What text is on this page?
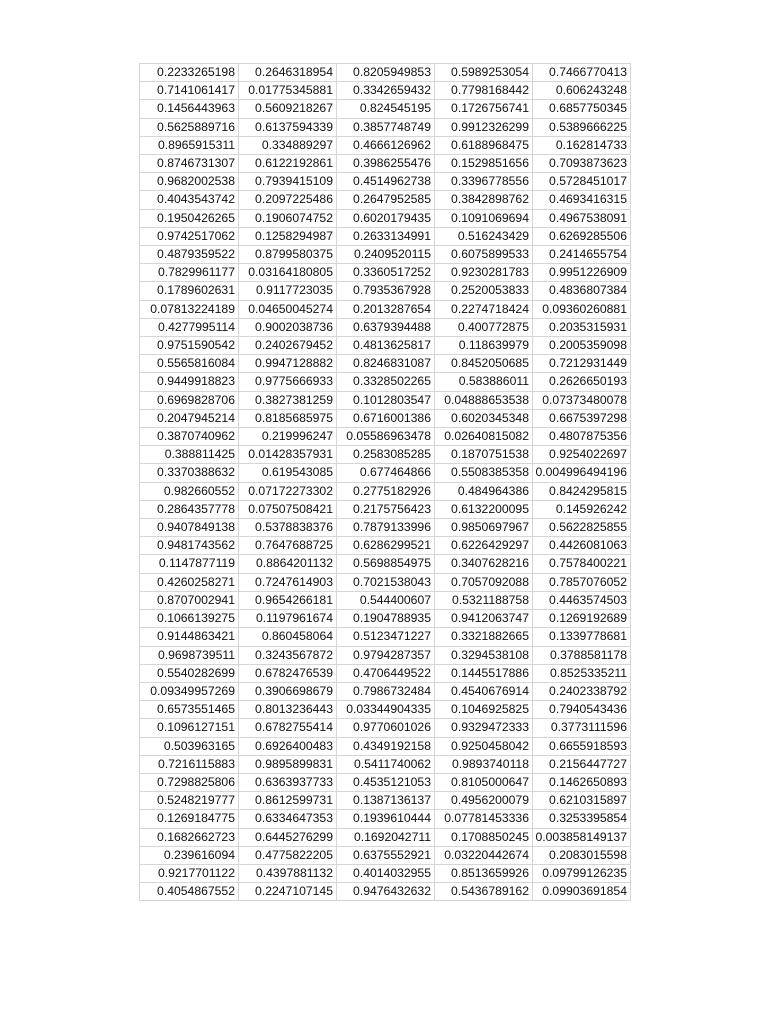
0.2233265198	0.2646318954	0.8205949853	0.5989253054	0.7466770413
0.7141061417	0.01775345881	0.3342659432	0.7798168442	0.606243248
0.1456443963	0.5609218267	0.824545195	0.1726756741	0.6857750345
0.5625889716	0.6137594339	0.3857748749	0.9912326299	0.5389666225
0.8965915311	0.334889297	0.4666126962	0.6188968475	0.162814733
0.8746731307	0.6122192861	0.3986255476	0.1529851656	0.7093873623
0.9682002538	0.7939415109	0.4514962738	0.3396778556	0.5728451017
0.4043543742	0.2097225486	0.2647952585	0.3842898762	0.4693416315
0.1950426265	0.1906074752	0.6020179435	0.1091069694	0.4967538091
0.9742517062	0.1258294987	0.2633134991	0.516243429	0.6269285506
0.4879359522	0.8799580375	0.2409520115	0.6075899533	0.2414655754
0.7829961177	0.03164180805	0.3360517252	0.9230281783	0.9951226909
0.1789602631	0.9117723035	0.7935367928	0.2520053833	0.4836807384
0.07813224189	0.04650045274	0.2013287654	0.2274718424	0.09360260881
0.4277995114	0.9002038736	0.6379394488	0.400772875	0.2035315931
0.9751590542	0.2402679452	0.4813625817	0.118639979	0.2005359098
0.5565816084	0.9947128882	0.8246831087	0.8452050685	0.7212931449
0.9449918823	0.9775666933	0.3328502265	0.583886011	0.2626650193
0.6969828706	0.3827381259	0.1012803547	0.04888653538	0.07373480078
0.2047945214	0.8185685975	0.6716001386	0.6020345348	0.6675397298
0.3870740962	0.219996247	0.05586963478	0.02640815082	0.4807875356
0.388811425	0.01428357931	0.2583085285	0.1870751538	0.9254022697
0.3370388632	0.619543085	0.677464866	0.5508385358	0.004996494196
0.982660552	0.07172273302	0.2775182926	0.484964386	0.8424295815
0.2864357778	0.07507508421	0.2175756423	0.6132200095	0.145926242
0.9407849138	0.5378838376	0.7879133996	0.9850697967	0.5622825855
0.9481743562	0.7647688725	0.6286299521	0.6226429297	0.4426081063
0.1147877119	0.8864201132	0.5698854975	0.3407628216	0.7578400221
0.4260258271	0.7247614903	0.7021538043	0.7057092088	0.7857076052
0.8707002941	0.9654266181	0.544400607	0.5321188758	0.4463574503
0.1066139275	0.1197961674	0.1904788935	0.9412063747	0.1269192689
0.9144863421	0.860458064	0.5123471227	0.3321882665	0.1339778681
0.9698739511	0.3243567872	0.9794287357	0.3294538108	0.3788581178
0.5540282699	0.6782476539	0.4706449522	0.1445517886	0.8525335211
0.09349957269	0.3906698679	0.7986732484	0.4540676914	0.2402338792
0.6573551465	0.8013236443	0.03344904335	0.1046925825	0.7940543436
0.1096127151	0.6782755414	0.9770601026	0.9329472333	0.3773111596
0.503963165	0.6926400483	0.4349192158	0.9250458042	0.6655918593
0.7216115883	0.9895899831	0.5411740062	0.9893740118	0.2156447727
0.7298825806	0.6363937733	0.4535121053	0.8105000647	0.1462650893
0.5248219777	0.8612599731	0.1387136137	0.4956200079	0.6210315897
0.1269184775	0.6334647353	0.1939610444	0.07781453336	0.3253395854
0.1682662723	0.6445276299	0.1692042711	0.1708850245	0.003858149137
0.239616094	0.4775822205	0.6375552921	0.03220442674	0.2083015598
0.9217701122	0.4397881132	0.4014032955	0.8513659926	0.09799126235
0.4054867552	0.2247107145	0.9476432632	0.5436789162	0.09903691854
